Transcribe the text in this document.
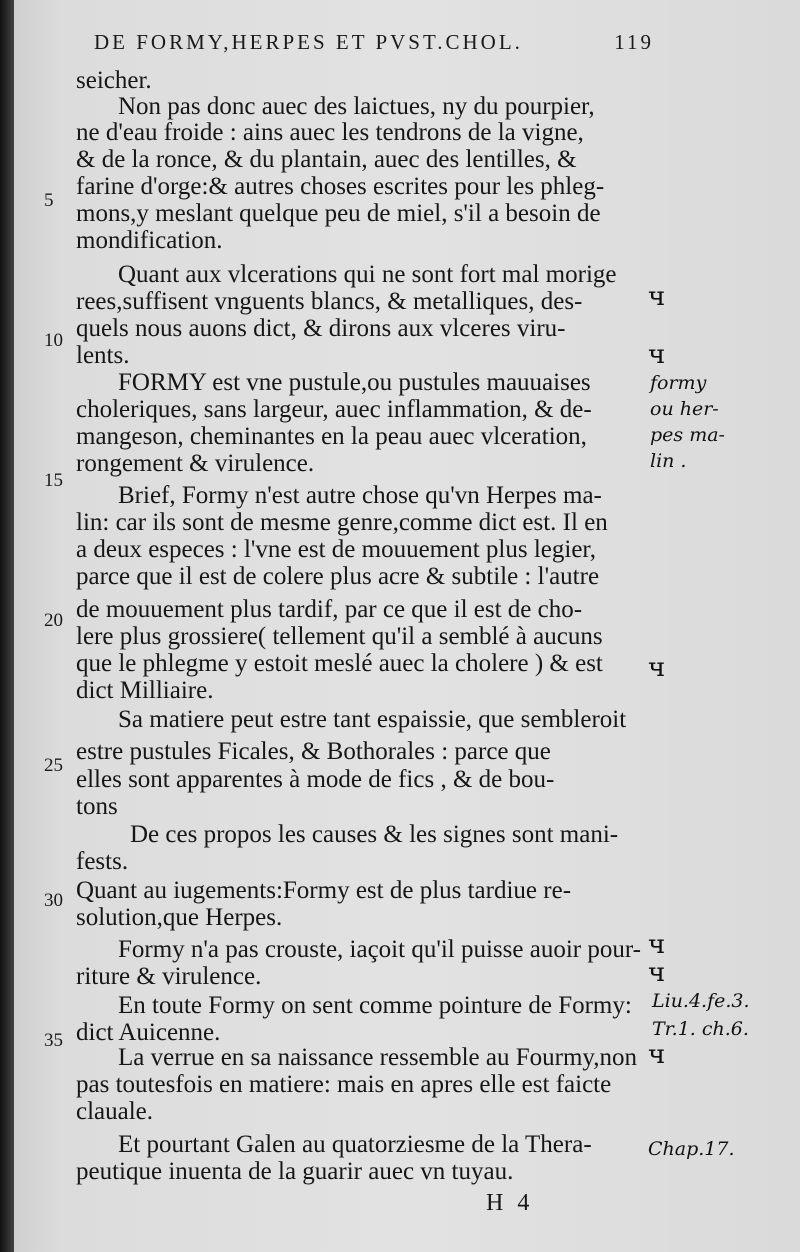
DE FORMY,HERPES ET PVST.CHOL.	119
seicher.
Non pas donc auec des laictues, ny du pourpier,
ne d'eau froide : ains auec les tendrons de la vigne,
& de la ronce, & du plantain, auec des lentilles, &
farine d'orge:& autres choses escrites pour les phleg-
mons,y meslant quelque peu de miel, s'il a besoin de
mondification.
Quant aux vlcerations qui ne sont fort mal morige
rees,suffisent vnguents blancs, & metalliques, des-
quels nous auons dict, & dirons aux vlceres viru-
lents.
FORMY est vne pustule,ou pustules mauuaises
choleriques, sans largeur, auec inflammation, & de-
mangeson, cheminantes en la peau auec vlceration,
rongement & virulence.
Brief, Formy n'est autre chose qu'vn Herpes ma-
lin: car ils sont de mesme genre,comme dict est. Il en
a deux especes : l'vne est de mouuement plus legier,
parce que il est de colere plus acre & subtile : l'autre
de mouuement plus tardif, par ce que il est de cho-
lere plus grossiere( tellement qu'il a semblé à aucuns
que le phlegme y estoit meslé auec la cholere ) & est
dict Milliaire.
Sa matiere peut estre tant espaissie, que sembleroit
estre pustules Ficales, & Bothorales : parce que
elles sont apparentes à mode de fics , & de bou-
tons
De ces propos les causes & les signes sont mani-
fests.
Quant au iugements:Formy est de plus tardiue re-
solution,que Herpes.
Formy n'a pas crouste, iaçoit qu'il puisse auoir pour-
riture & virulence.
En toute Formy on sent comme pointure de Formy:
dict Auicenne.
La verrue en sa naissance ressemble au Fourmy,non
pas toutesfois en matiere: mais en apres elle est faicte
clauale.
Et pourtant Galen au quatorziesme de la Thera-
peutique inuenta de la guarir auec vn tuyau.
5
10
15
20
25
30
35
ч
ч
formy
ou her-
pes ma-
lin .
ч
ч
ч
Liu.4.fe.3.
Tr.1. ch.6.
ч
Chap.17.
H 4
